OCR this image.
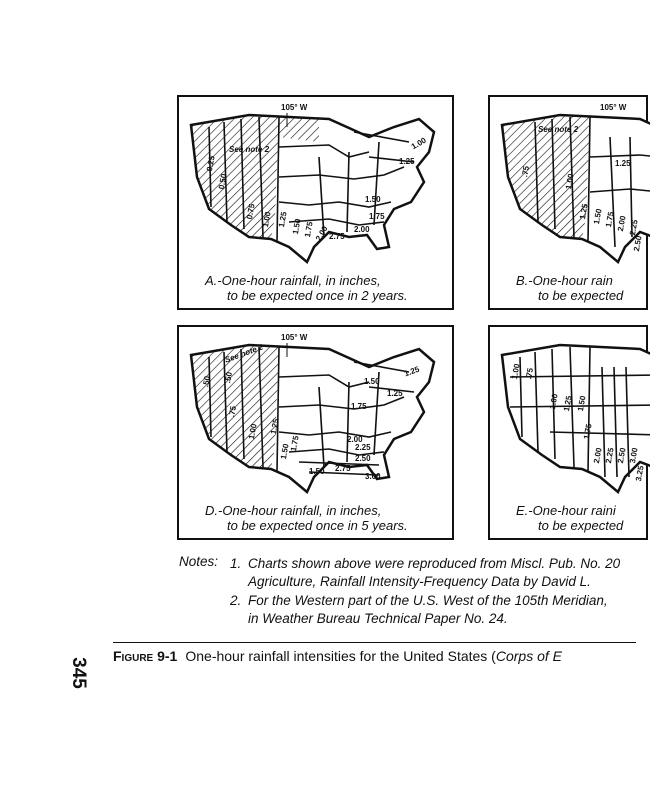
105° W
See note 2
0.25
0.50
0.75 1.00 1.25 1.50 1.75 2.00 2.75
1.50
1.75
2.00
1.00
1.25
A.-One-hour rainfall, in inches,
to be expected once in 2 years.
105° W
See note 2
.75
1.00
1.25 1.50 1.75 2.00 2.25
2.50
1.25
B.-One-hour rain
to be expected
105° W
See note 2
.50 .50
.75
1.00 1.25
1.50
1.75	2.00
2.25
2.50
2.75
3.00
1.50
1.25
1.75
1.25
1.50
D.-One-hour rainfall, in inches,
to be expected once in 5 years.
1.00 .75
1.00 1.25 1.50
1.75
2.00 2.25 2.50 3.00
3.25
E.-One-hour raini
to be expected
Notes: 1. Charts shown above were reproduced from Miscl. Pub. No. 20
Agriculture, Rainfall Intensity-Frequency Data by David L.
2. For the Western part of the U.S. West of the 105th Meridian,
in Weather Bureau Technical Paper No. 24.
Figure 9-1 One-hour rainfall intensities for the United States (Corps of E
345
